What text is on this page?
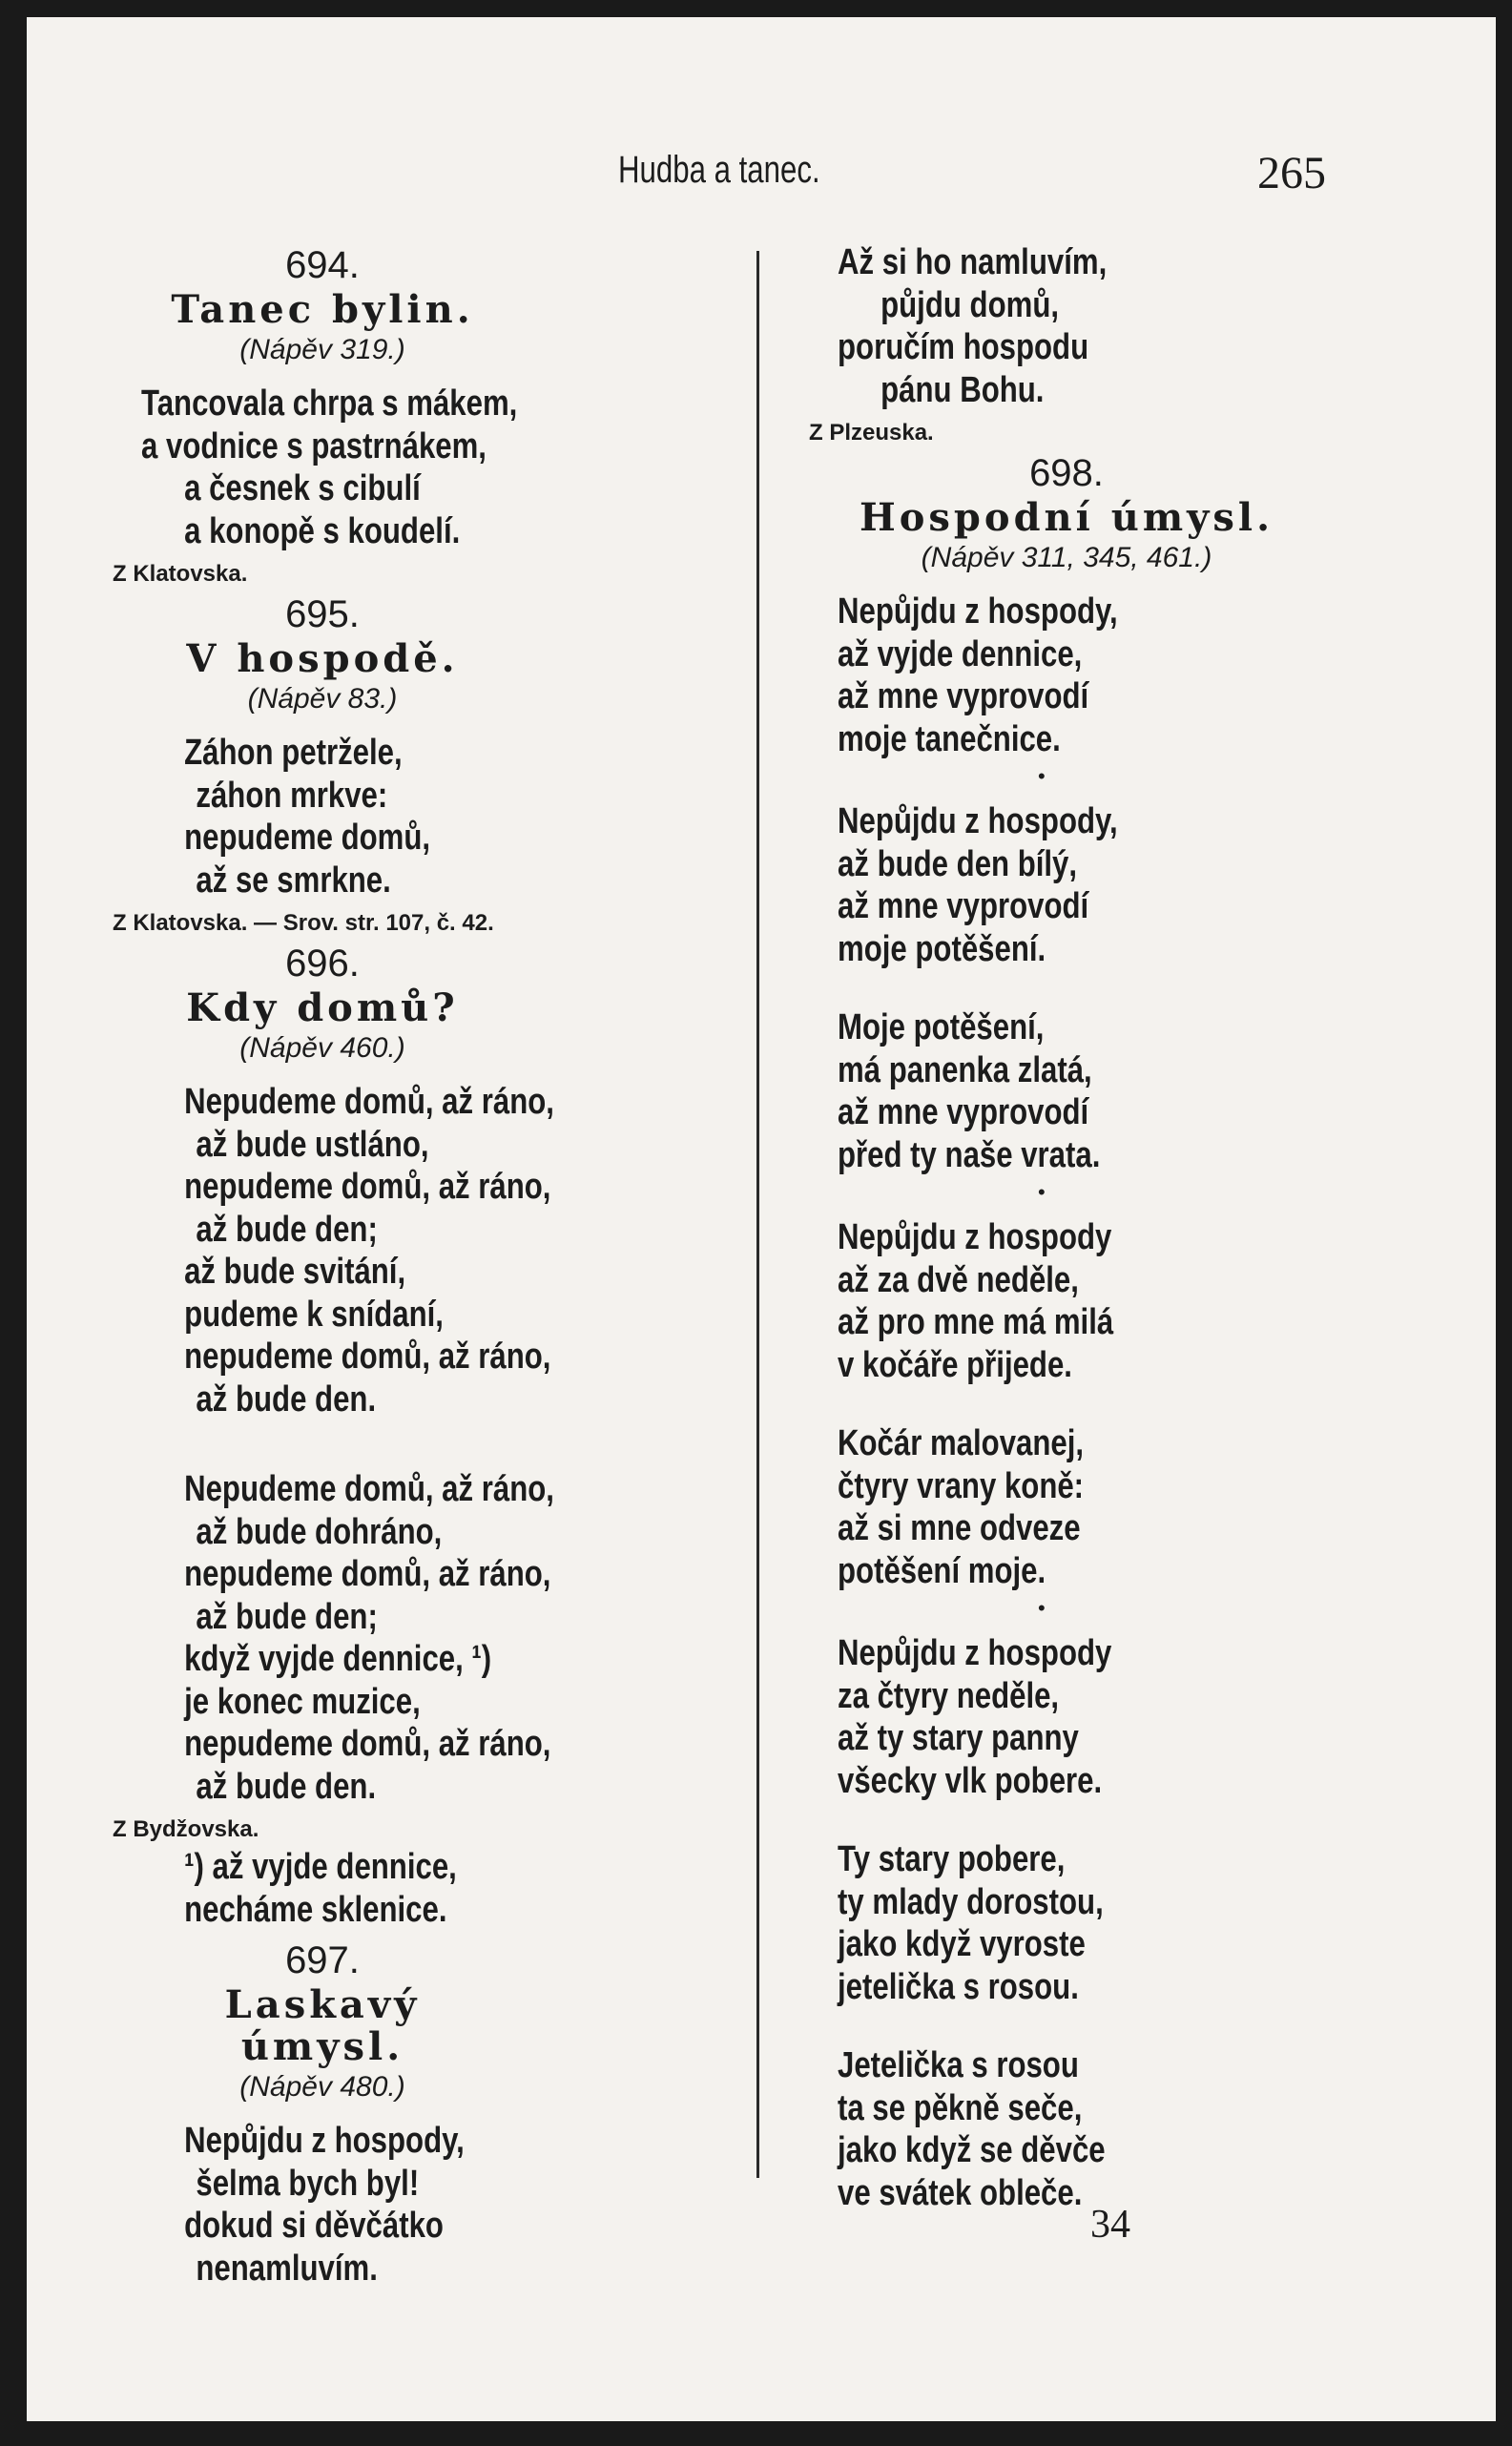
Hudba a tanec.	265
694.
Tanec bylin.
(Nápěv 319.)
Tancovala chrpa s mákem,
a vodnice s pastrnákem,
a česnek s cibulí
a konopě s koudelí.
Z Klatovska.
695.
V hospodě.
(Nápěv 83.)
Záhon petržele,
záhon mrkve:
nepudeme domů,
až se smrkne.
Z Klatovska. — Srov. str. 107, č. 42.
696.
Kdy domů?
(Nápěv 460.)
Nepudeme domů, až ráno,
až bude ustláno,
nepudeme domů, až ráno,
až bude den;
až bude svitání,
pudeme k snídaní,
nepudeme domů, až ráno,
až bude den.
Nepudeme domů, až ráno,
až bude dohráno,
nepudeme domů, až ráno,
až bude den;
když vyjde dennice, ¹)
je konec muzice,
nepudeme domů, až ráno,
až bude den.
Z Bydžovska.
¹) až vyjde dennice,
necháme sklenice.
697.
Laskavý úmysl.
(Nápěv 480.)
Nepůjdu z hospody,
šelma bych byl!
dokud si děvčátko
nenamluvím.
Až si ho namluvím,
půjdu domů,
poručím hospodu
pánu Bohu.
Z Plzeuska.
698.
Hospodní úmysl.
(Nápěv 311, 345, 461.)
Nepůjdu z hospody,
až vyjde dennice,
až mne vyprovodí
moje tanečnice.
•
Nepůjdu z hospody,
až bude den bílý,
až mne vyprovodí
moje potěšení.
Moje potěšení,
má panenka zlatá,
až mne vyprovodí
před ty naše vrata.
•
Nepůjdu z hospody
až za dvě neděle,
až pro mne má milá
v kočáře přijede.
Kočár malovanej,
čtyry vrany koně:
až si mne odveze
potěšení moje.
•
Nepůjdu z hospody
za čtyry neděle,
až ty stary panny
všecky vlk pobere.
Ty stary pobere,
ty mlady dorostou,
jako když vyroste
jetelička s rosou.
Jetelička s rosou
ta se pěkně seče,
jako když se děvče
ve svátek obleče.
34
